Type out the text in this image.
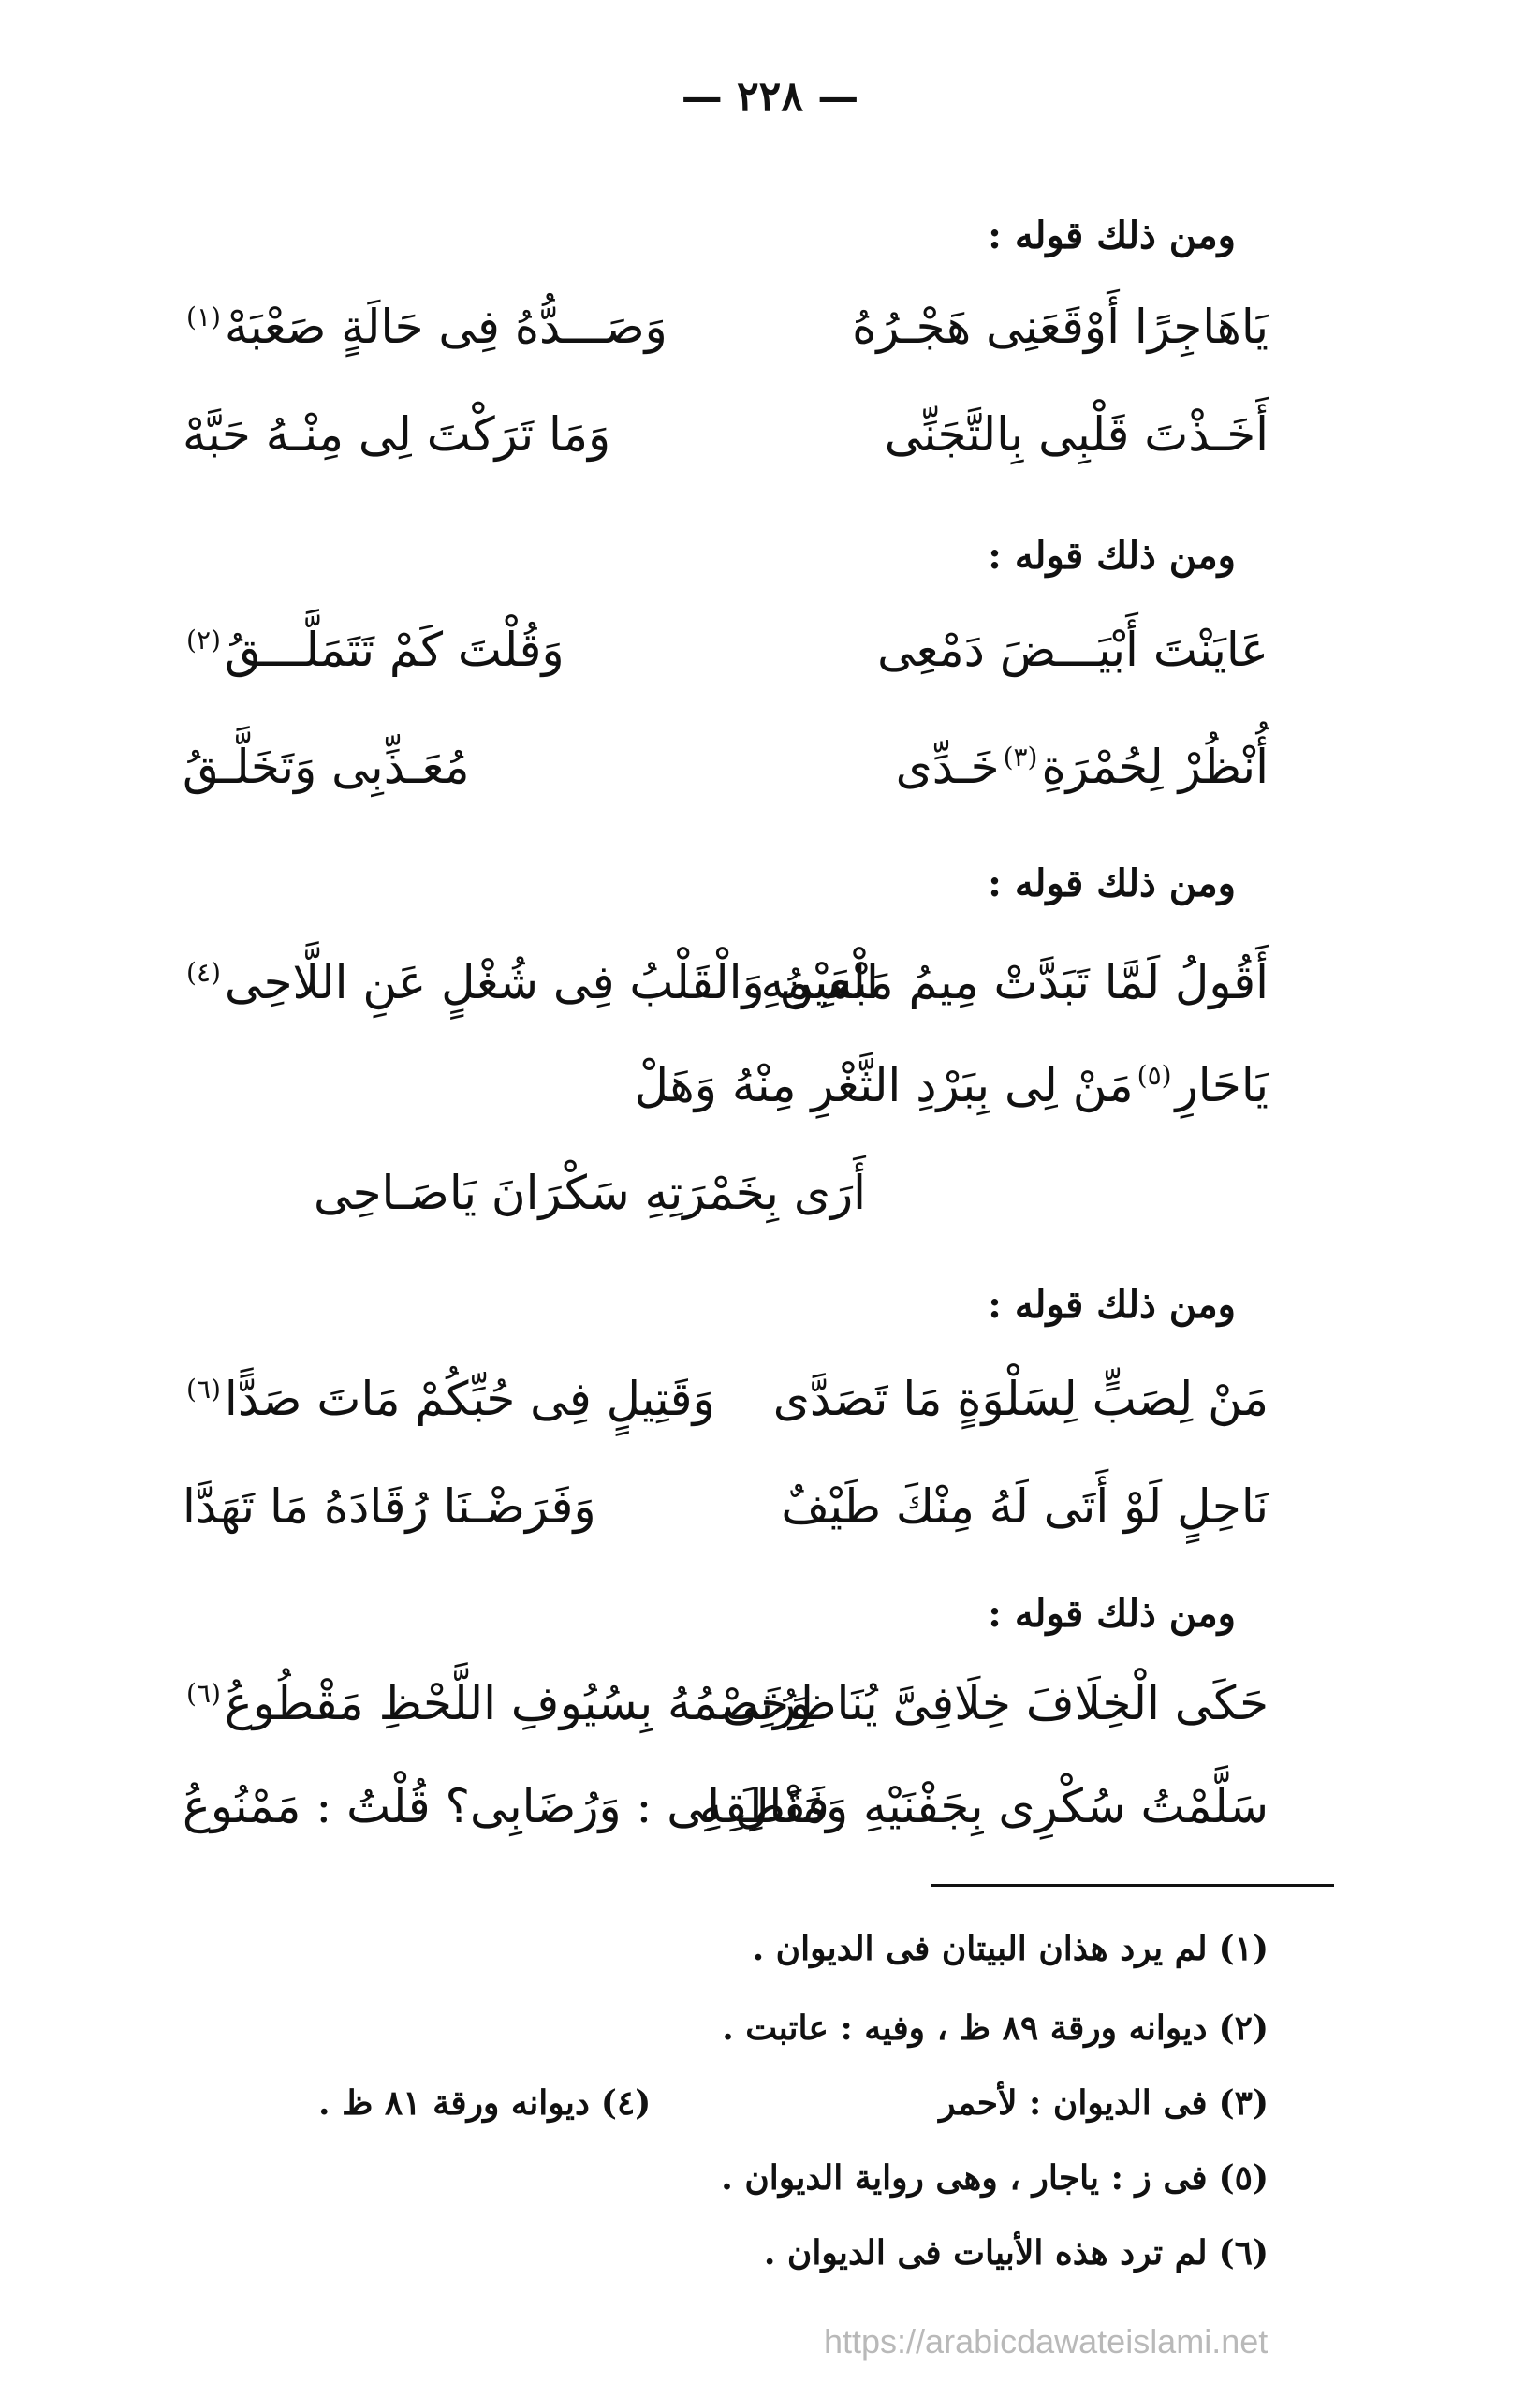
— ٢٢٨ —
ومن ذلك قوله :
يَاهَاجِرًا أَوْقَعَنِى هَجْـرُهُ
وَصَـــدُّهُ فِى حَالَةٍ صَعْبَهْ$^{(١)}$
أَخَـذْتَ قَلْبِى بِالتَّجَنِّى
وَمَا تَرَكْتَ لِى مِنْـهُ حَبَّهْ
ومن ذلك قوله :
عَايَنْتَ أَبْيَـــضَ دَمْعِى
وَقُلْتَ كَمْ تَتَمَلَّـــقُ$^{(٢)}$
أُنْظُرْ لِحُمْرَةِ$^{(٣)}$خَـدِّى
مُعَـذِّبِى وَتَخَلَّـقُ
ومن ذلك قوله :
أَقُولُ لَمَّا تَبَدَّتْ مِيمُ مَبْسِمِهِ
الْعَيْنُ وَالْقَلْبُ فِى شُغْلٍ عَنِ اللَّاحِى$^{(٤)}$
يَاحَارِ$^{(٥)}$مَنْ لِى بِبَرْدِ الثَّغْرِ مِنْهُ وَهَلْ
أَرَى بِخَمْرَتِهِ سَكْرَانَ يَاصَـاحِى
ومن ذلك قوله :
مَنْ لِصَبٍّ لِسَلْوَةٍ مَا تَصَدَّى
وَقَتِيلٍ فِى حُبِّكُمْ مَاتَ صَدًّا$^{(٦)}$
نَاحِلٍ لَوْ أَتَى لَهُ مِنْكَ طَيْفٌ
وَفَرَضْـنَا رُقَادَهُ مَا تَهَدَّا
ومن ذلك قوله :
حَكَى الْخِلَافَ خِلَافِىَّ يُنَاظِرُنِى
وَخَصْمُهُ بِسُيُوفِ اللَّحْظِ مَقْطُوعُ$^{(٦)}$
سَلَّمْتُ سُكْرِى بِجَفْنَيْهِ وَمَنْطِقِهِ
فَقَالَ لِى : وَرُضَابِى؟ قُلْتُ : مَمْنُوعُ
(١)لم يرد هذان البيتان فى الديوان .
(٢)ديوانه ورقة ٨٩ ظ ، وفيه : عاتبت .
(٣)فى الديوان : لأحمر
(٤)ديوانه ورقة ٨١ ظ .
(٥)فى ز : ياجار ، وهى رواية الديوان .
(٦)لم ترد هذه الأبيات فى الديوان .
https://arabicdawateislami.net
